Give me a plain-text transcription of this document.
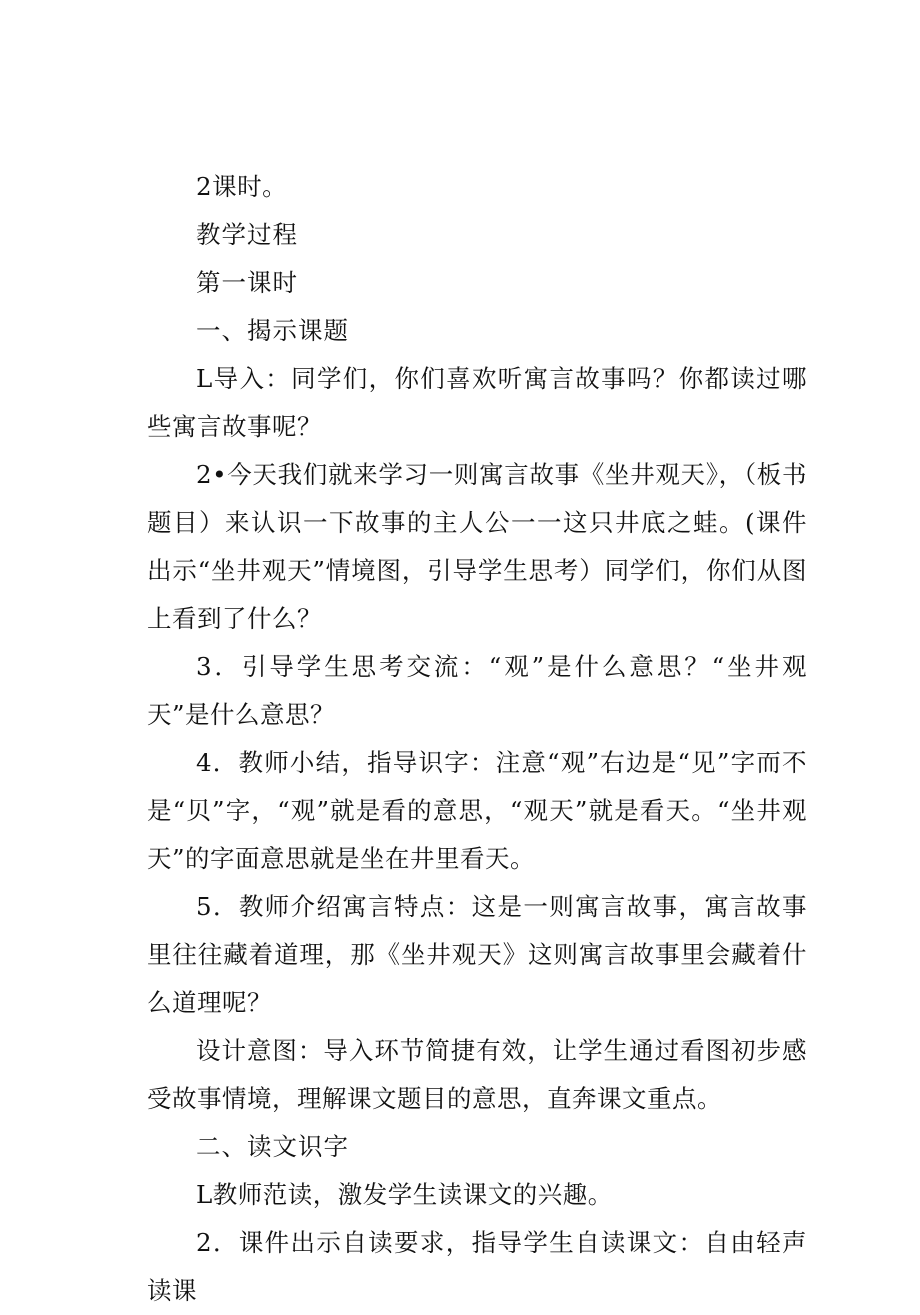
2课时。

教学过程

第一课时

一、揭示课题

L导入：同学们，你们喜欢听寓言故事吗？你都读过哪些寓言故事呢？

2•今天我们就来学习一则寓言故事《坐井观天》，（板书题目）来认识一下故事的主人公一一这只井底之蛙。(课件出示“坐井观天”情境图，引导学生思考）同学们，你们从图上看到了什么？

3．引导学生思考交流：“观”是什么意思？“坐井观天”是什么意思？

4．教师小结，指导识字：注意“观”右边是“见”字而不是“贝”字，“观”就是看的意思，“观天”就是看天。“坐井观天”的字面意思就是坐在井里看天。

5．教师介绍寓言特点：这是一则寓言故事，寓言故事里往往藏着道理，那《坐井观天》这则寓言故事里会藏着什么道理呢？

设计意图：导入环节简捷有效，让学生通过看图初步感受故事情境，理解课文题目的意思，直奔课文重点。

二、读文识字

L教师范读，激发学生读课文的兴趣。

2．课件出示自读要求，指导学生自读课文：自由轻声读课
